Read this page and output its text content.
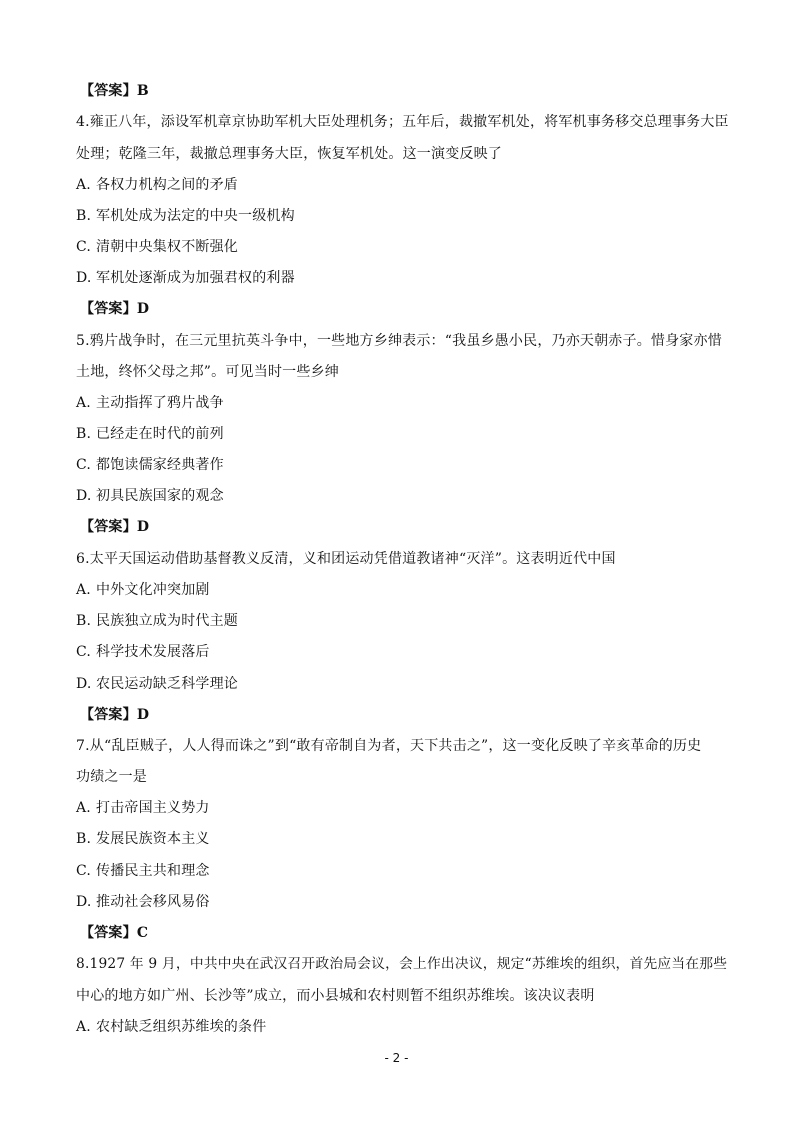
【答案】B
4.雍正八年，添设军机章京协助军机大臣处理机务；五年后，裁撤军机处，将军机事务移交总理事务大臣
处理；乾隆三年，裁撤总理事务大臣，恢复军机处。这一演变反映了
A. 各权力机构之间的矛盾
B. 军机处成为法定的中央一级机构
C. 清朝中央集权不断强化
D. 军机处逐渐成为加强君权的利器
【答案】D
5.鸦片战争时，在三元里抗英斗争中，一些地方乡绅表示：“我虽乡愚小民，乃亦天朝赤子。惜身家亦惜
土地，终怀父母之邦”。可见当时一些乡绅
A. 主动指挥了鸦片战争
B. 已经走在时代的前列
C. 都饱读儒家经典著作
D. 初具民族国家的观念
【答案】D
6.太平天国运动借助基督教义反清，义和团运动凭借道教诸神“灭洋”。这表明近代中国
A. 中外文化冲突加剧
B. 民族独立成为时代主题
C. 科学技术发展落后
D. 农民运动缺乏科学理论
【答案】D
7.从“乱臣贼子，人人得而诛之”到“敢有帝制自为者，天下共击之”，这一变化反映了辛亥革命的历史
功绩之一是
A. 打击帝国主义势力
B. 发展民族资本主义
C. 传播民主共和理念
D. 推动社会移风易俗
【答案】C
8.1927 年 9 月，中共中央在武汉召开政治局会议，会上作出决议，规定“苏维埃的组织，首先应当在那些
中心的地方如广州、长沙等”成立，而小县城和农村则暂不组织苏维埃。该决议表明
A. 农村缺乏组织苏维埃的条件
- 2 -
